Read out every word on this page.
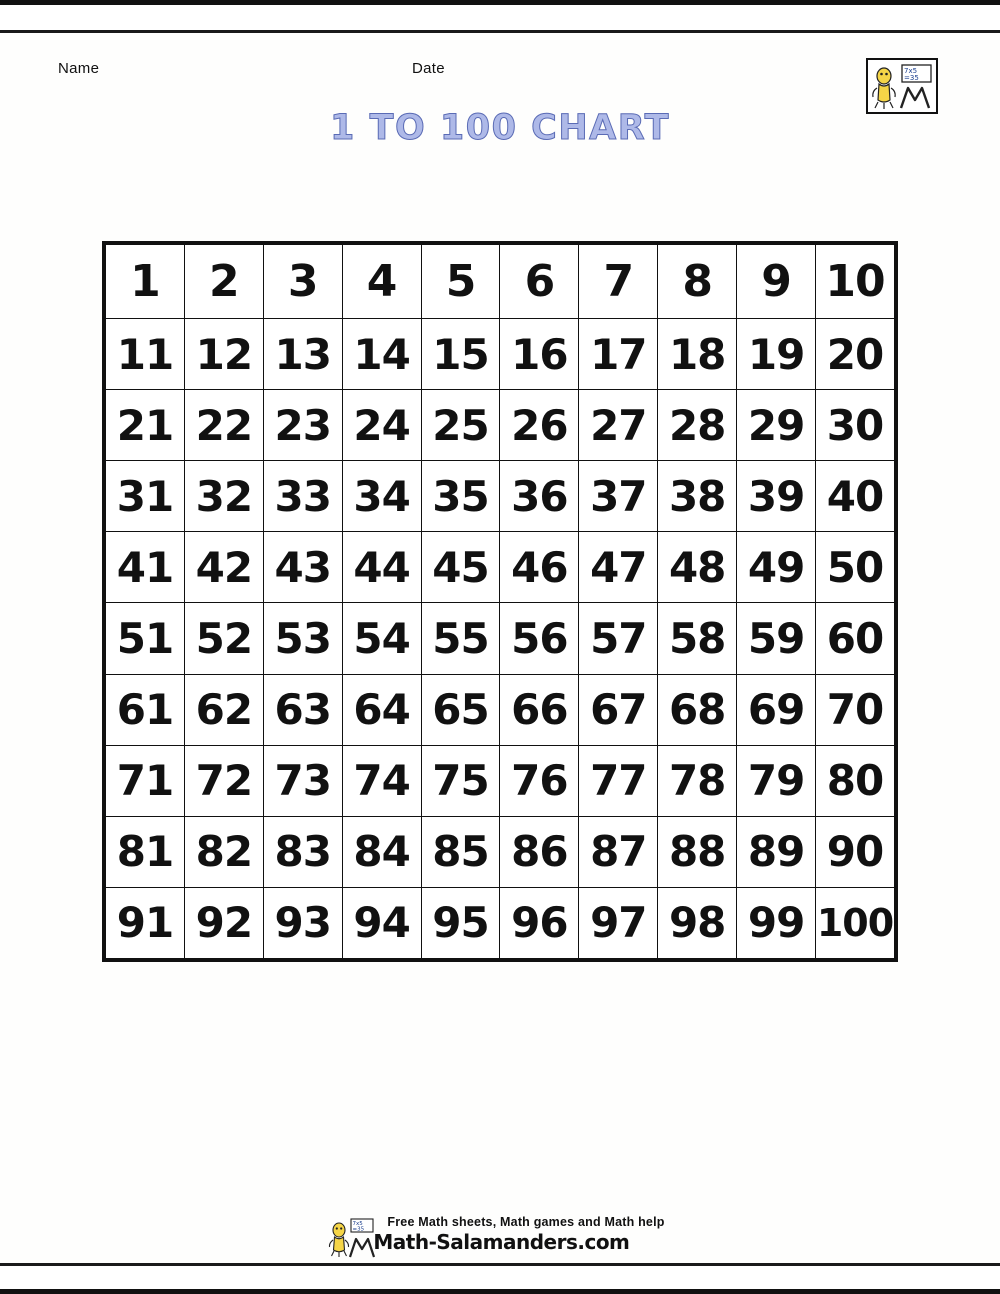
Name	Date	7x5
=35
1 TO 100 CHART
1	2	3	4	5	6	7	8	9	10
11	12	13	14	15	16	17	18	19	20
21	22	23	24	25	26	27	28	29	30
31	32	33	34	35	36	37	38	39	40
41	42	43	44	45	46	47	48	49	50
51	52	53	54	55	56	57	58	59	60
61	62	63	64	65	66	67	68	69	70
71	72	73	74	75	76	77	78	79	80
81	82	83	84	85	86	87	88	89	90
91	92	93	94	95	96	97	98	99	100
7x5
=35
Free Math sheets, Math games and Math help
Math-Salamanders.com
